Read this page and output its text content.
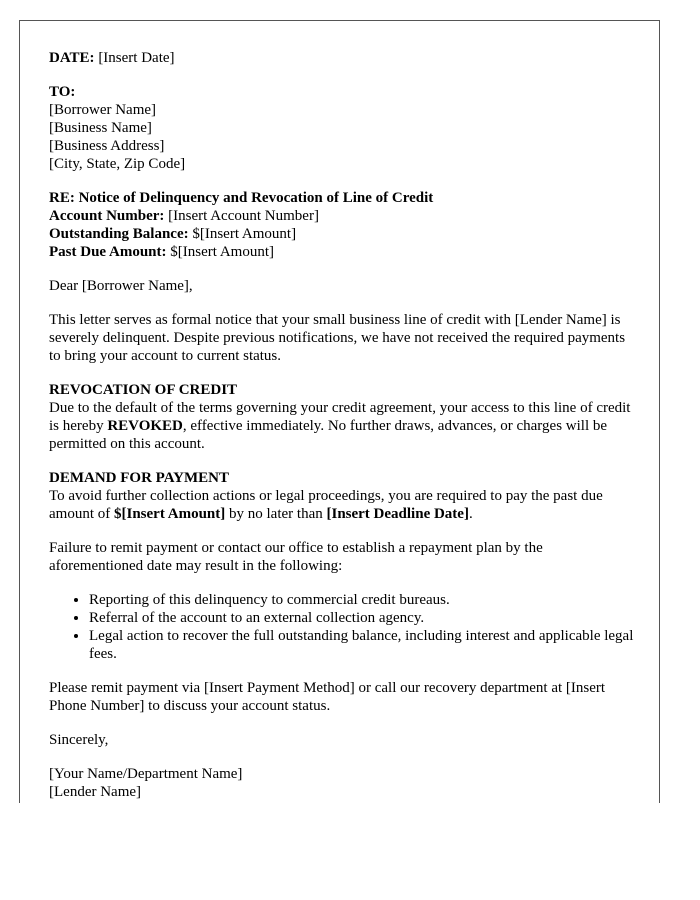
DATE: [Insert Date]
TO:
[Borrower Name]
[Business Name]
[Business Address]
[City, State, Zip Code]
RE: Notice of Delinquency and Revocation of Line of Credit
Account Number: [Insert Account Number]
Outstanding Balance: $[Insert Amount]
Past Due Amount: $[Insert Amount]

Dear [Borrower Name],

This letter serves as formal notice that your small business line of credit with [Lender Name] is severely delinquent. Despite previous notifications, we have not received the required payments to bring your account to current status.

REVOCATION OF CREDIT
Due to the default of the terms governing your credit agreement, your access to this line of credit is hereby REVOKED, effective immediately. No further draws, advances, or charges will be permitted on this account.
DEMAND FOR PAYMENT
To avoid further collection actions or legal proceedings, you are required to pay the past due amount of $[Insert Amount] by no later than [Insert Deadline Date].

Failure to remit payment or contact our office to establish a repayment plan by the aforementioned date may result in the following:

• Reporting of this delinquency to commercial credit bureaus.
• Referral of the account to an external collection agency.
• Legal action to recover the full outstanding balance, including interest and applicable legal fees.

Please remit payment via [Insert Payment Method] or call our recovery department at [Insert Phone Number] to discuss your account status.

Sincerely,

[Your Name/Department Name]
[Lender Name]
